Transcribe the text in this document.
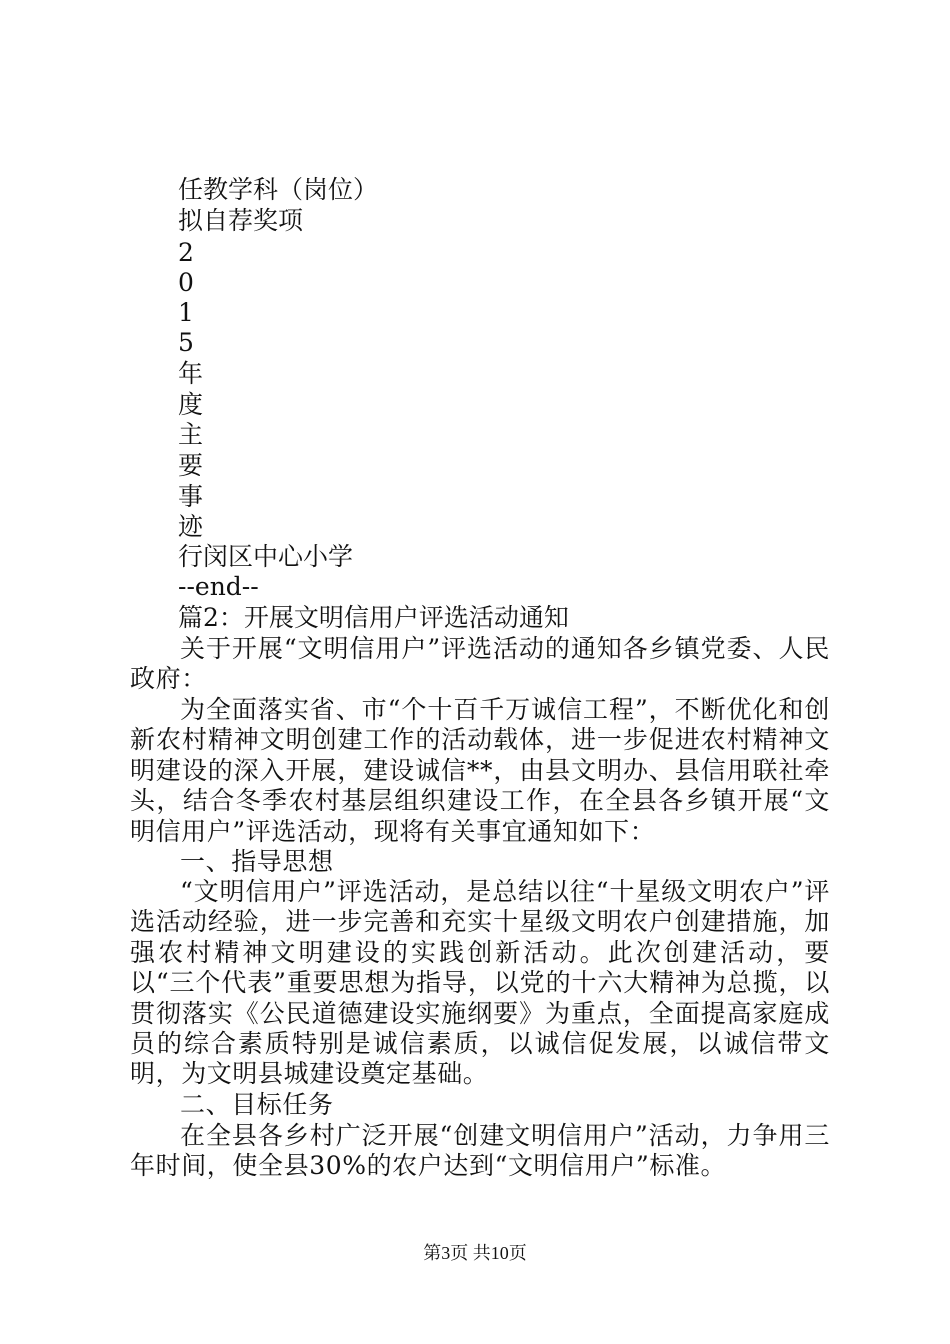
任教学科（岗位）
拟自荐奖项
2
0
1
5
年
度
主
要
事
迹
行闵区中心小学
--end--
篇2：开展文明信用户评选活动通知

关于开展“文明信用户”评选活动的通知各乡镇党委、人民政府：

为全面落实省、市“个十百千万诚信工程”，不断优化和创新农村精神文明创建工作的活动载体，进一步促进农村精神文明建设的深入开展，建设诚信**，由县文明办、县信用联社牵头，结合冬季农村基层组织建设工作，在全县各乡镇开展“文明信用户”评选活动，现将有关事宜通知如下：

一、指导思想

“文明信用户”评选活动，是总结以往“十星级文明农户”评选活动经验，进一步完善和充实十星级文明农户创建措施，加强农村精神文明建设的实践创新活动。此次创建活动，要以“三个代表”重要思想为指导，以党的十六大精神为总揽，以贯彻落实《公民道德建设实施纲要》为重点，全面提高家庭成员的综合素质特别是诚信素质，以诚信促发展，以诚信带文明，为文明县城建设奠定基础。

二、目标任务

在全县各乡村广泛开展“创建文明信用户”活动，力争用三年时间，使全县30%的农户达到“文明信用户”标准。

第3页 共10页
